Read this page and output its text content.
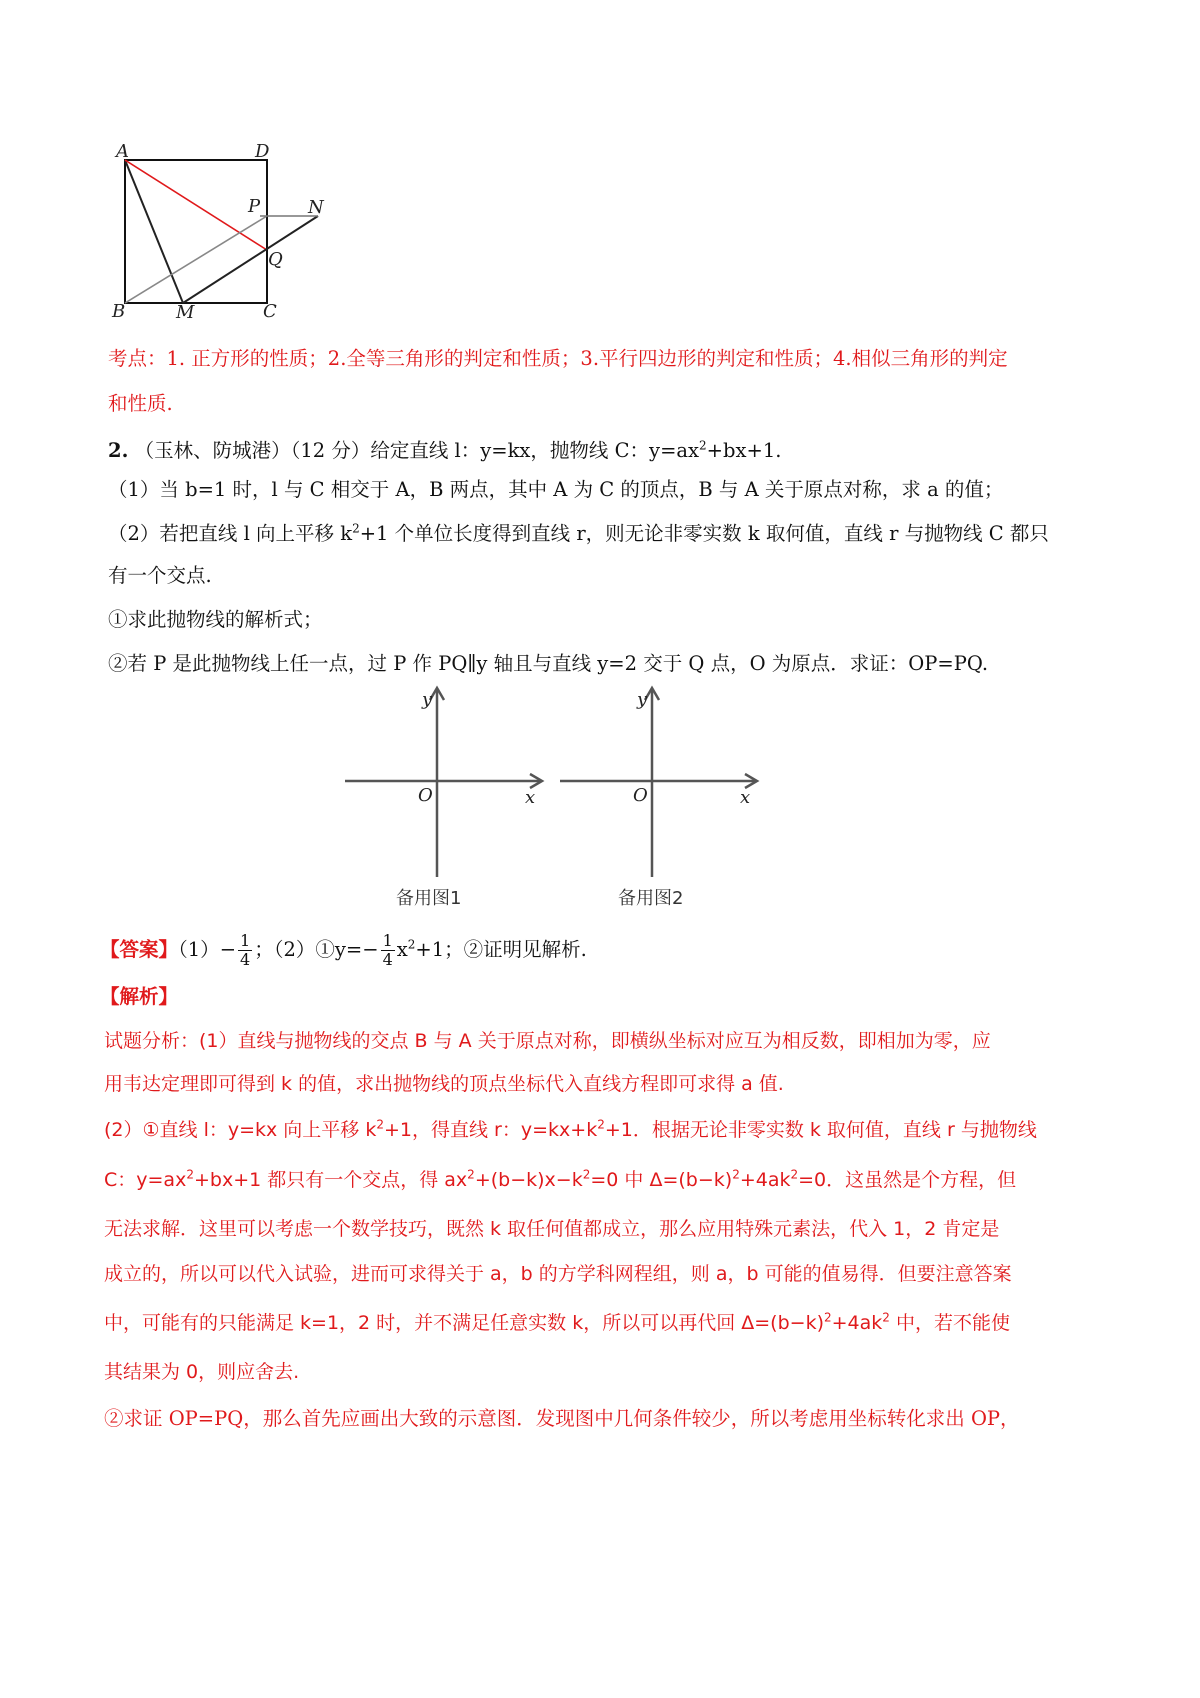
A	D
P	N
Q
B	M	C
考点：1. 正方形的性质；2.全等三角形的判定和性质；3.平行四边形的判定和性质；4.相似三角形的判定
和性质.
2. （玉林、防城港）（12 分）给定直线 l：y=kx，抛物线 C：$y=ax^2+bx+1$.
（1）当 b=1 时，l 与 C 相交于 A，B 两点，其中 A 为 C 的顶点，B 与 A 关于原点对称，求 a 的值；
（2）若把直线 l 向上平移 $k^2+1$ 个单位长度得到直线 r，则无论非零实数 k 取何值，直线 r 与抛物线 C 都只
有一个交点.
①求此抛物线的解析式；
②若 P 是此抛物线上任一点，过 P 作 PQ∥y 轴且与直线 y=2 交于 Q 点，O 为原点．求证：OP=PQ.
y
x
O
y
x
O
备用图1	备用图2
【答案】$(1)- \frac{1}{4}$ ；（2）①y=− $\frac{1}{4} x^2+1$；②证明见解析.
【解析】
试题分析：(1）直线与抛物线的交点 B 与 A 关于原点对称，即横纵坐标对应互为相反数，即相加为零，应
用韦达定理即可得到 k 的值，求出抛物线的顶点坐标代入直线方程即可求得 a 值.
(2）①直线 l：y=kx 向上平移 $k^2+1$，得直线 r：$y=kx+k^2+1$．根据无论非零实数 k 取何值，直线 r 与抛物线
C：$y=ax^2+bx+1$ 都只有一个交点，得 $ax^2+(b-k)x-k^2=0$ 中 $\Delta=(b-k)^2+4ak^2=0$．这虽然是个方程，但
无法求解．这里可以考虑一个数学技巧，既然 k 取任何值都成立，那么应用特殊元素法，代入 1，2 肯定是
成立的，所以可以代入试验，进而可求得关于 a，b 的方学科网程组，则 a，b 可能的值易得．但要注意答案
中，可能有的只能满足 k=1，2 时，并不满足任意实数 k，所以可以再代回 $\Delta=(b-k)^2+4ak^2$ 中，若不能使
其结果为 0，则应舍去.
②求证 OP=PQ，那么首先应画出大致的示意图．发现图中几何条件较少，所以考虑用坐标转化求出 OP，
